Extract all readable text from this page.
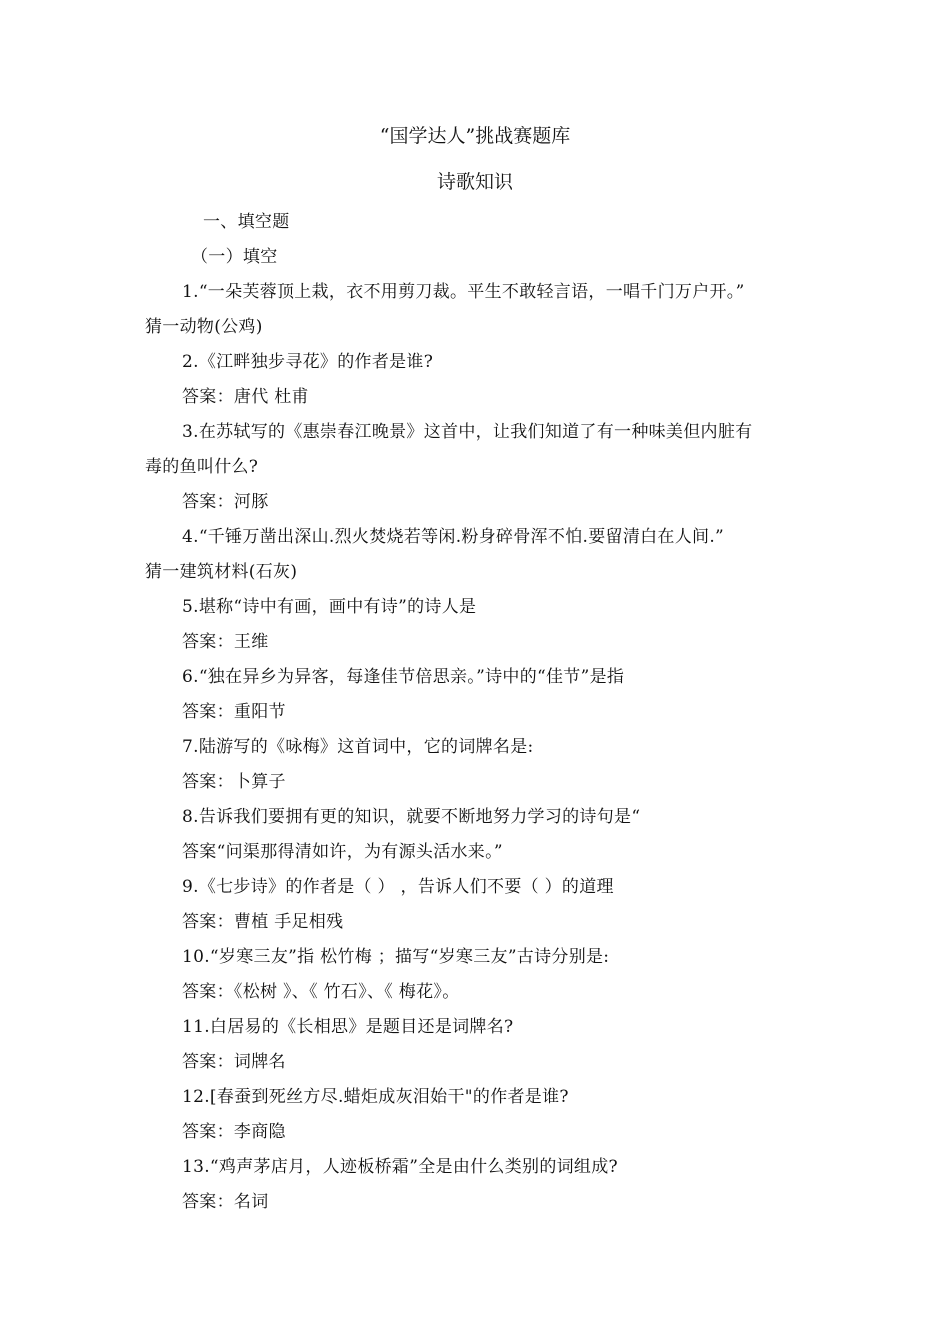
“国学达人”挑战赛题库
诗歌知识
一、填空题
（一）填空
1.“一朵芙蓉顶上栽，衣不用剪刀裁。平生不敢轻言语，一唱千门万户开。”
猜一动物(公鸡)
2.《江畔独步寻花》的作者是谁?
答案：唐代 杜甫
3.在苏轼写的《惠崇春江晚景》这首中，让我们知道了有一种味美但内脏有
毒的鱼叫什么?
答案：河豚
4.“千锤万凿出深山.烈火焚烧若等闲.粉身碎骨浑不怕.要留清白在人间.”
猜一建筑材料(石灰)
5.堪称“诗中有画，画中有诗”的诗人是
答案：王维
6.“独在异乡为异客，每逢佳节倍思亲。”诗中的“佳节”是指
答案：重阳节
7.陆游写的《咏梅》这首词中，它的词牌名是:
答案：卜算子
8.告诉我们要拥有更的知识，就要不断地努力学习的诗句是“
答案“问渠那得清如许，为有源头活水来。”
9.《七步诗》的作者是（ ） ，告诉人们不要（ ）的道理
答案：曹植 手足相残
10.“岁寒三友”指 松竹梅 ；描写“岁寒三友”古诗分别是:
答案：《松树 》、《 竹石》、《 梅花》。
11.白居易的《长相思》是题目还是词牌名?
答案：词牌名
12.[春蚕到死丝方尽.蜡炬成灰泪始干"的作者是谁?
答案：李商隐
13.“鸡声茅店月，人迹板桥霜”全是由什么类别的词组成?
答案：名词
